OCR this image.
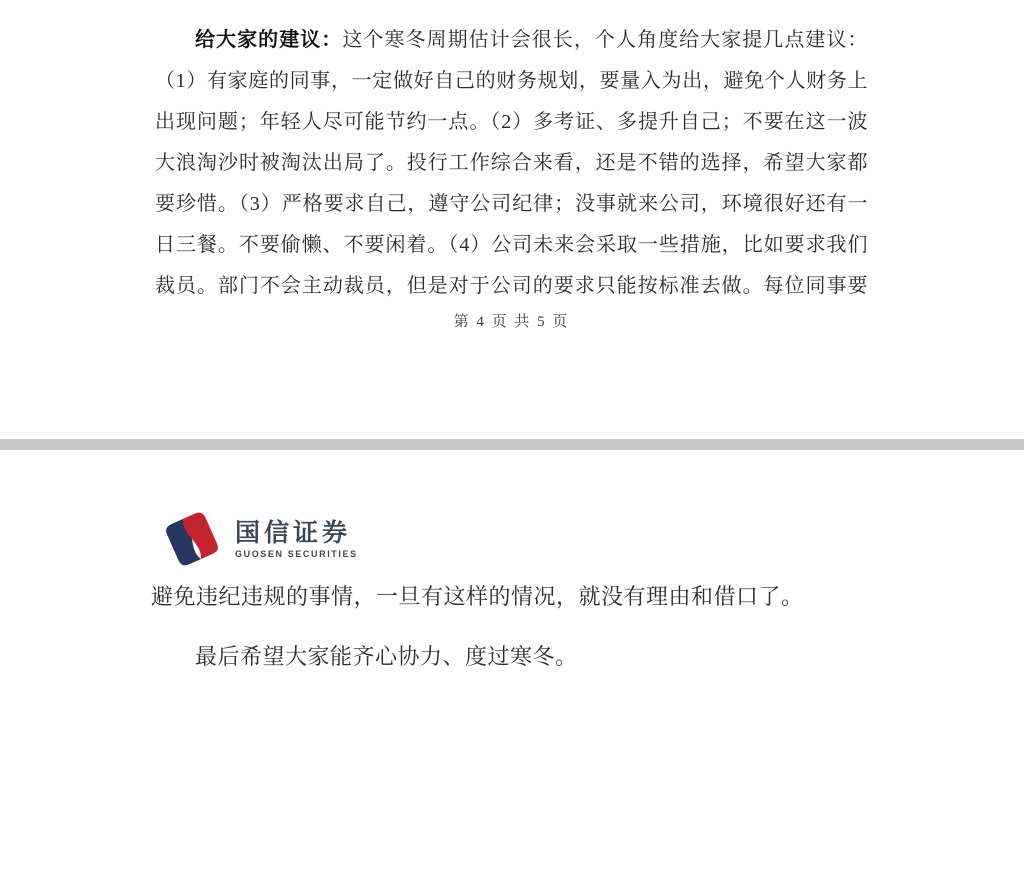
给大家的建议：这个寒冬周期估计会很长，个人角度给大家提几点建议：
（1）有家庭的同事，一定做好自己的财务规划，要量入为出，避免个人财务上
出现问题；年轻人尽可能节约一点。（2）多考证、多提升自己；不要在这一波
大浪淘沙时被淘汰出局了。投行工作综合来看，还是不错的选择，希望大家都
要珍惜。（3）严格要求自己，遵守公司纪律；没事就来公司，环境很好还有一
日三餐。不要偷懒、不要闲着。（4）公司未来会采取一些措施，比如要求我们
裁员。部门不会主动裁员，但是对于公司的要求只能按标准去做。每位同事要
第 4 页 共 5 页
国信证券
GUOSEN SECURITIES
避免违纪违规的事情，一旦有这样的情况，就没有理由和借口了。
最后希望大家能齐心协力、度过寒冬。
